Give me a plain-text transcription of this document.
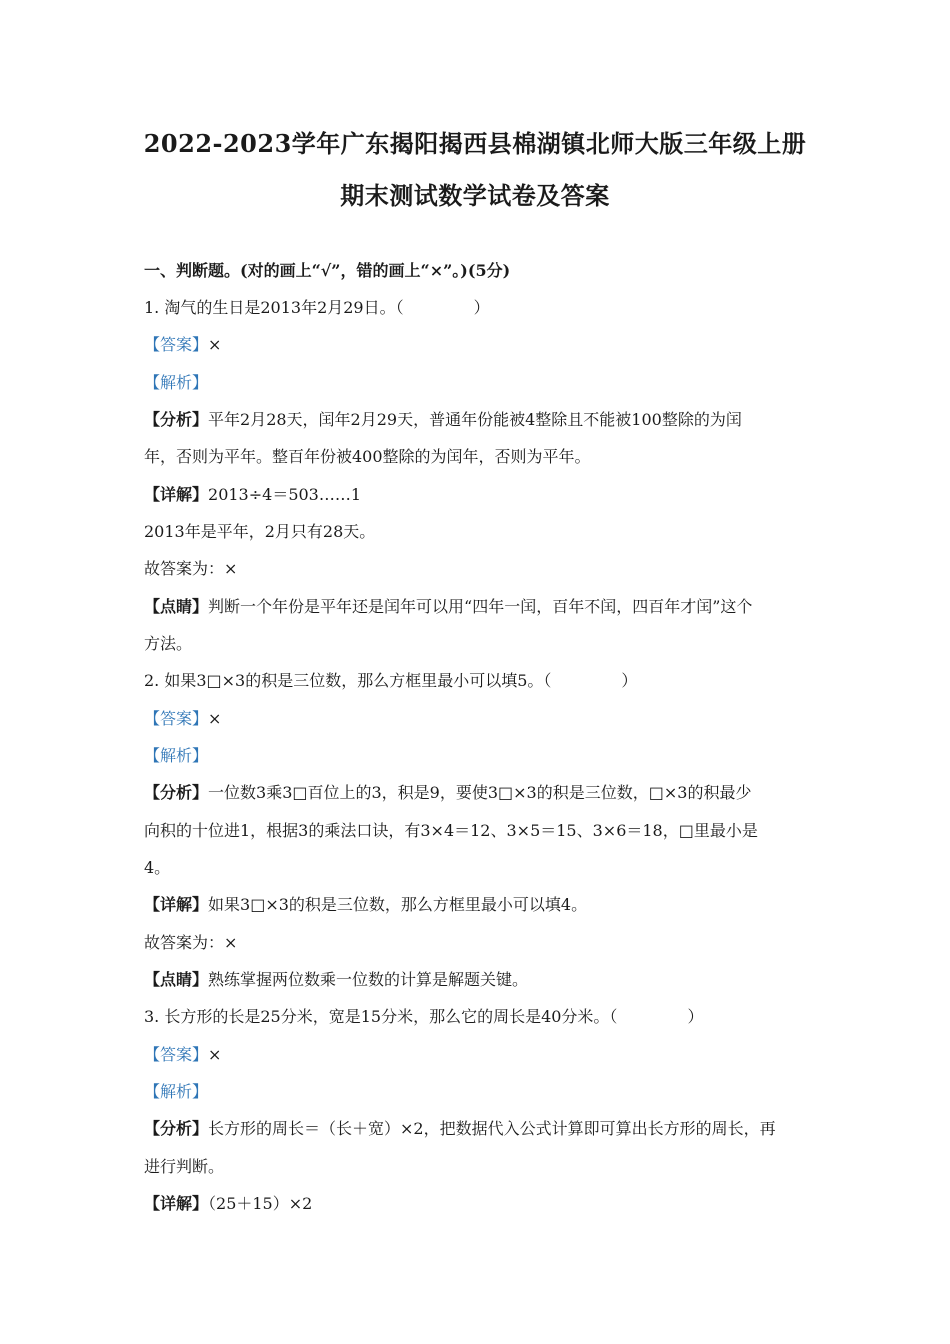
2022-2023学年广东揭阳揭西县棉湖镇北师大版三年级上册
期末测试数学试卷及答案
一、判断题。(对的画上“√”，错的画上“×”。)(5分)
1. 淘气的生日是2013年2月29日。（	）
【答案】×
【解析】
【分析】平年2月28天，闰年2月29天，普通年份能被4整除且不能被100整除的为闰
年，否则为平年。整百年份被400整除的为闰年，否则为平年。
【详解】2013÷4＝503……1
2013年是平年，2月只有28天。
故答案为：×
【点睛】判断一个年份是平年还是闰年可以用“四年一闰，百年不闰，四百年才闰”这个
方法。
2. 如果3□×3的积是三位数，那么方框里最小可以填5。（	）
【答案】×
【解析】
【分析】一位数3乘3□百位上的3，积是9，要使3□×3的积是三位数，□×3的积最少
向积的十位进1，根据3的乘法口诀，有3×4＝12、3×5＝15、3×6＝18，□里最小是
4。
【详解】如果3□×3的积是三位数，那么方框里最小可以填4。
故答案为：×
【点睛】熟练掌握两位数乘一位数的计算是解题关键。
3. 长方形的长是25分米，宽是15分米，那么它的周长是40分米。（	）
【答案】×
【解析】
【分析】长方形的周长＝（长＋宽）×2，把数据代入公式计算即可算出长方形的周长，再
进行判断。
【详解】（25＋15）×2
